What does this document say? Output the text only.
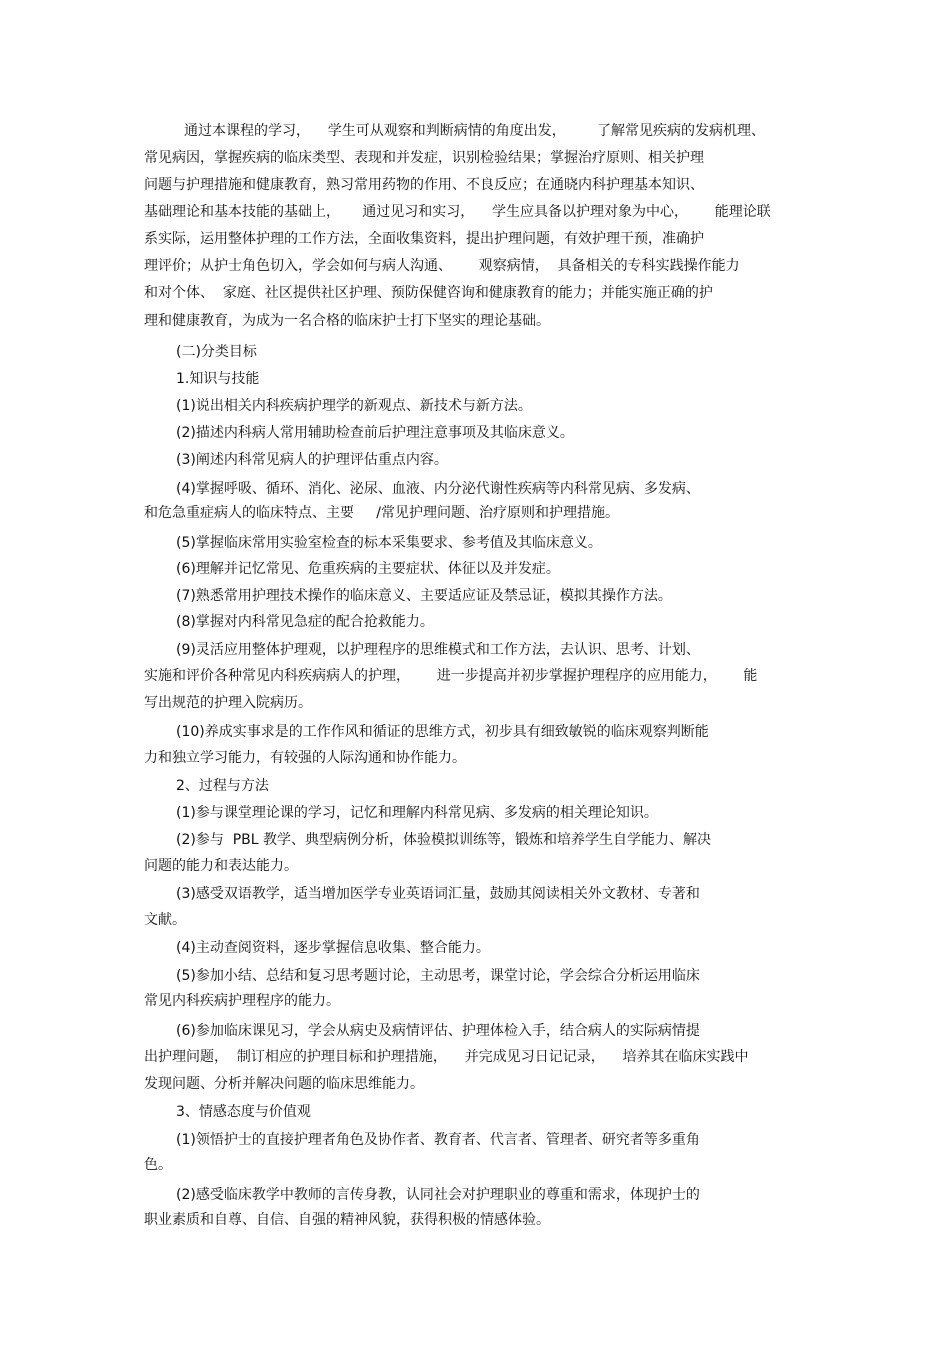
通过本课程的学习，    学生可从观察和判断病情的角度出发，       了解常见疾病的发病机理、
常见病因，掌握疾病的临床类型、表现和并发症，识别检验结果；掌握治疗原则、相关护理
问题与护理措施和健康教育，熟习常用药物的作用、不良反应；在通晓内科护理基本知识、
基础理论和基本技能的基础上，     通过见习和实习，    学生应具备以护理对象为中心，      能理论联
系实际，运用整体护理的工作方法，全面收集资料，提出护理问题，有效护理干预，准确护
理评价；从护士角色切入，学会如何与病人沟通、      观察病情，  具备相关的专科实践操作能力
和对个体、  家庭、社区提供社区护理、预防保健咨询和健康教育的能力；并能实施正确的护
理和健康教育，为成为一名合格的临床护士打下坚实的理论基础。
(二)分类目标
1.知识与技能
(1)说出相关内科疾病护理学的新观点、新技术与新方法。
(2)描述内科病人常用辅助检查前后护理注意事项及其临床意义。
(3)阐述内科常见病人的护理评估重点内容。
(4)掌握呼吸、循环、消化、泌尿、血液、内分泌代谢性疾病等内科常见病、多发病、
和危急重症病人的临床特点、主要     /常见护理问题、治疗原则和护理措施。
(5)掌握临床常用实验室检查的标本采集要求、参考值及其临床意义。
(6)理解并记忆常见、危重疾病的主要症状、体征以及并发症。
(7)熟悉常用护理技术操作的临床意义、主要适应证及禁忌证，模拟其操作方法。
(8)掌握对内科常见急症的配合抢救能力。
(9)灵活应用整体护理观，以护理程序的思维模式和工作方法，去认识、思考、计划、
实施和评价各种常见内科疾病病人的护理，      进一步提高并初步掌握护理程序的应用能力，      能
写出规范的护理入院病历。
(10)养成实事求是的工作作风和循证的思维方式，初步具有细致敏锐的临床观察判断能
力和独立学习能力，有较强的人际沟通和协作能力。
2、过程与方法
(1)参与课堂理论课的学习，记忆和理解内科常见病、多发病的相关理论知识。
(2)参与  PBL 教学、典型病例分析，体验模拟训练等，锻炼和培养学生自学能力、解决
问题的能力和表达能力。
(3)感受双语教学，适当增加医学专业英语词汇量，鼓励其阅读相关外文教材、专著和
文献。
(4)主动查阅资料，逐步掌握信息收集、整合能力。
(5)参加小结、总结和复习思考题讨论，主动思考，课堂讨论，学会综合分析运用临床
常见内科疾病护理程序的能力。
(6)参加临床课见习，学会从病史及病情评估、护理体检入手，结合病人的实际病情提
出护理问题，  制订相应的护理目标和护理措施，    并完成见习日记记录，    培养其在临床实践中
发现问题、分析并解决问题的临床思维能力。
3、情感态度与价值观
(1)领悟护士的直接护理者角色及协作者、教育者、代言者、管理者、研究者等多重角
色。
(2)感受临床教学中教师的言传身教，认同社会对护理职业的尊重和需求，体现护士的
职业素质和自尊、自信、自强的精神风貌，获得积极的情感体验。
